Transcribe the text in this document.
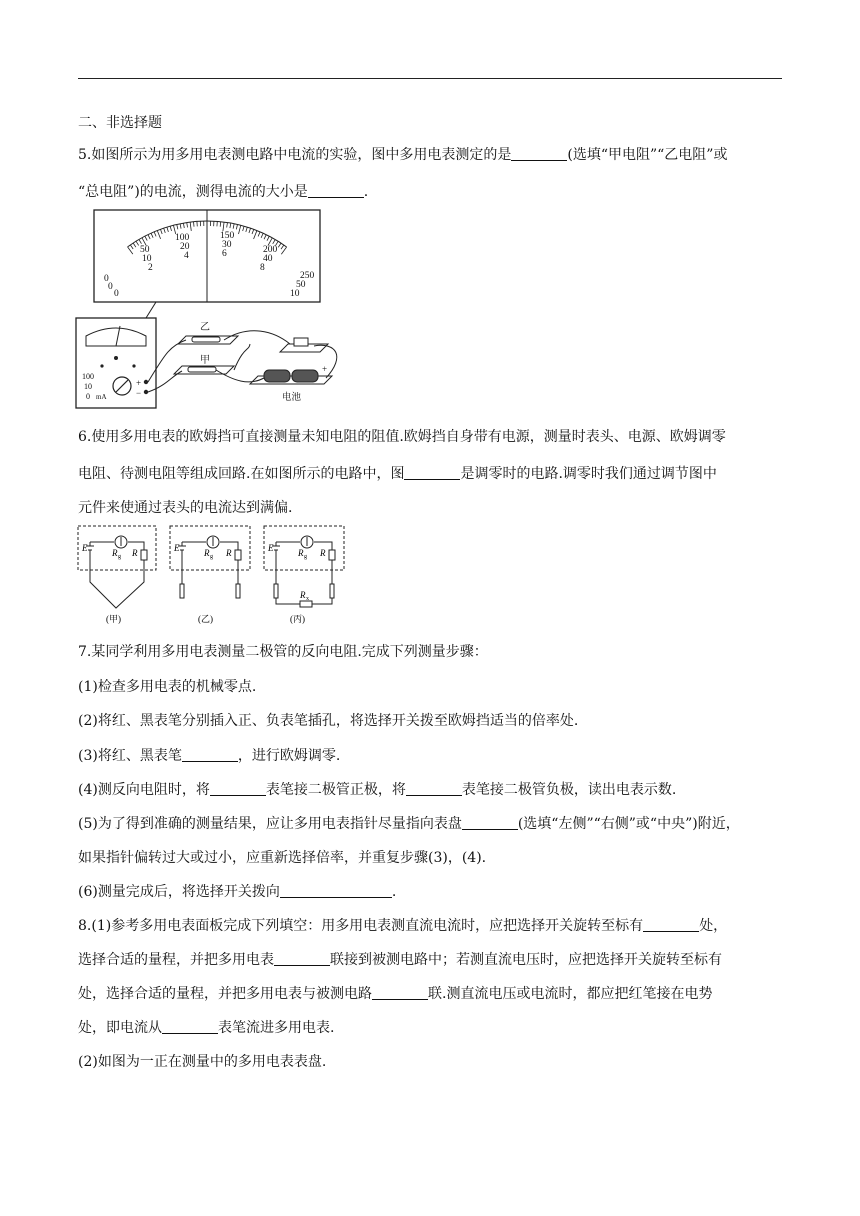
二、非选择题
5.如图所示为用多用电表测电路中电流的实验，图中多用电表测定的是	(选填“甲电阻”“乙电阻”或
“总电阻”)的电流，测得电流的大小是	.
0
0
0
50
10
2
100
20
4
150
30
6	200
40
8
250
50
10
100
10
0 mA
+
−
乙
甲
+
电池
6.使用多用电表的欧姆挡可直接测量未知电阻的阻值.欧姆挡自身带有电源，测量时表头、电源、欧姆调零
电阻、待测电阻等组成回路.在如图所示的电路中，图	是调零时的电路.调零时我们通过调节图中
元件来使通过表头的电流达到满偏.
E	R g R
(甲)
E	R g R
(乙)
E	R g R
R x
(丙)
7.某同学利用多用电表测量二极管的反向电阻.完成下列测量步骤：
(1)检查多用电表的机械零点.
(2)将红、黑表笔分别插入正、负表笔插孔，将选择开关拨至欧姆挡适当的倍率处.
(3)将红、黑表笔	，进行欧姆调零.
(4)测反向电阻时，将	表笔接二极管正极，将	表笔接二极管负极，读出电表示数.
(5)为了得到准确的测量结果，应让多用电表指针尽量指向表盘	(选填“左侧”“右侧”或“中央”)附近，
如果指针偏转过大或过小，应重新选择倍率，并重复步骤(3)，(4).
(6)测量完成后，将选择开关拨向	.
8.(1)参考多用电表面板完成下列填空：用多用电表测直流电流时，应把选择开关旋转至标有	处，
选择合适的量程，并把多用电表	联接到被测电路中；若测直流电压时，应把选择开关旋转至标有
处，选择合适的量程，并把多用电表与被测电路	联.测直流电压或电流时，都应把红笔接在电势
处，即电流从	表笔流进多用电表.
(2)如图为一正在测量中的多用电表表盘.
